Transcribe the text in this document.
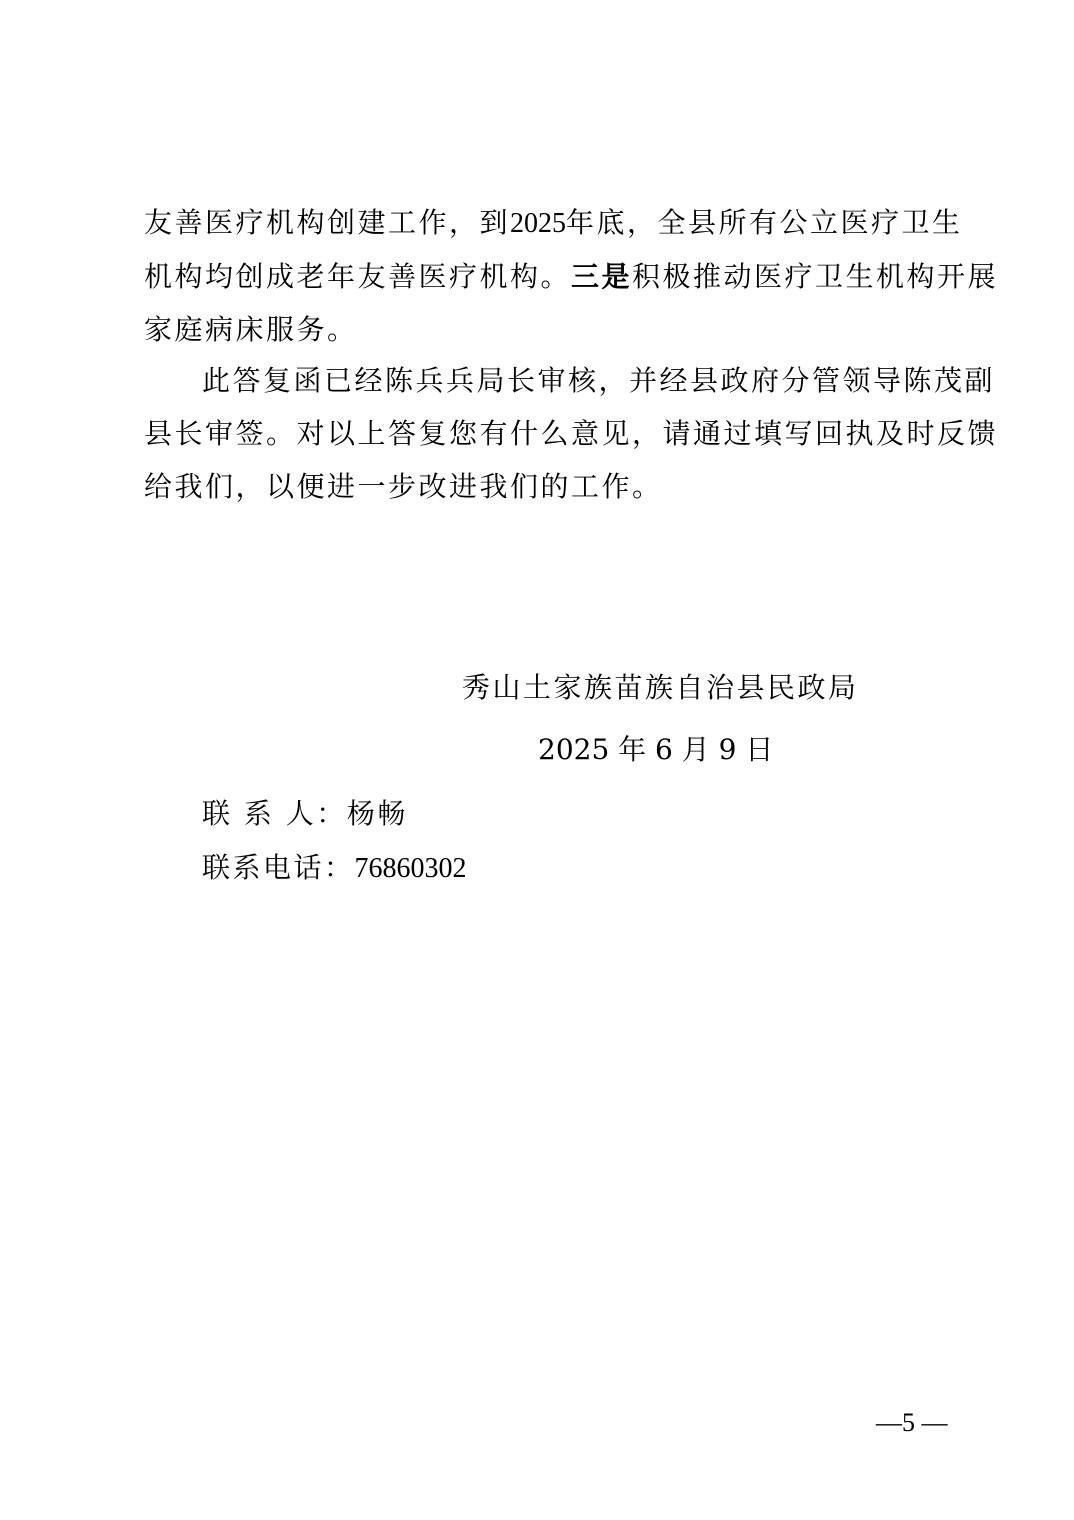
友善医疗机构创建工作，到2025年底，全县所有公立医疗卫生
机构均创成老年友善医疗机构。三是积极推动医疗卫生机构开展
家庭病床服务。

此答复函已经陈兵兵局长审核，并经县政府分管领导陈茂副
县长审签。对以上答复您有什么意见，请通过填写回执及时反馈
给我们，以便进一步改进我们的工作。

秀山土家族苗族自治县民政局
2025 年 6 月 9 日
联 系 人：杨畅
联系电话：76860302
—5 —
